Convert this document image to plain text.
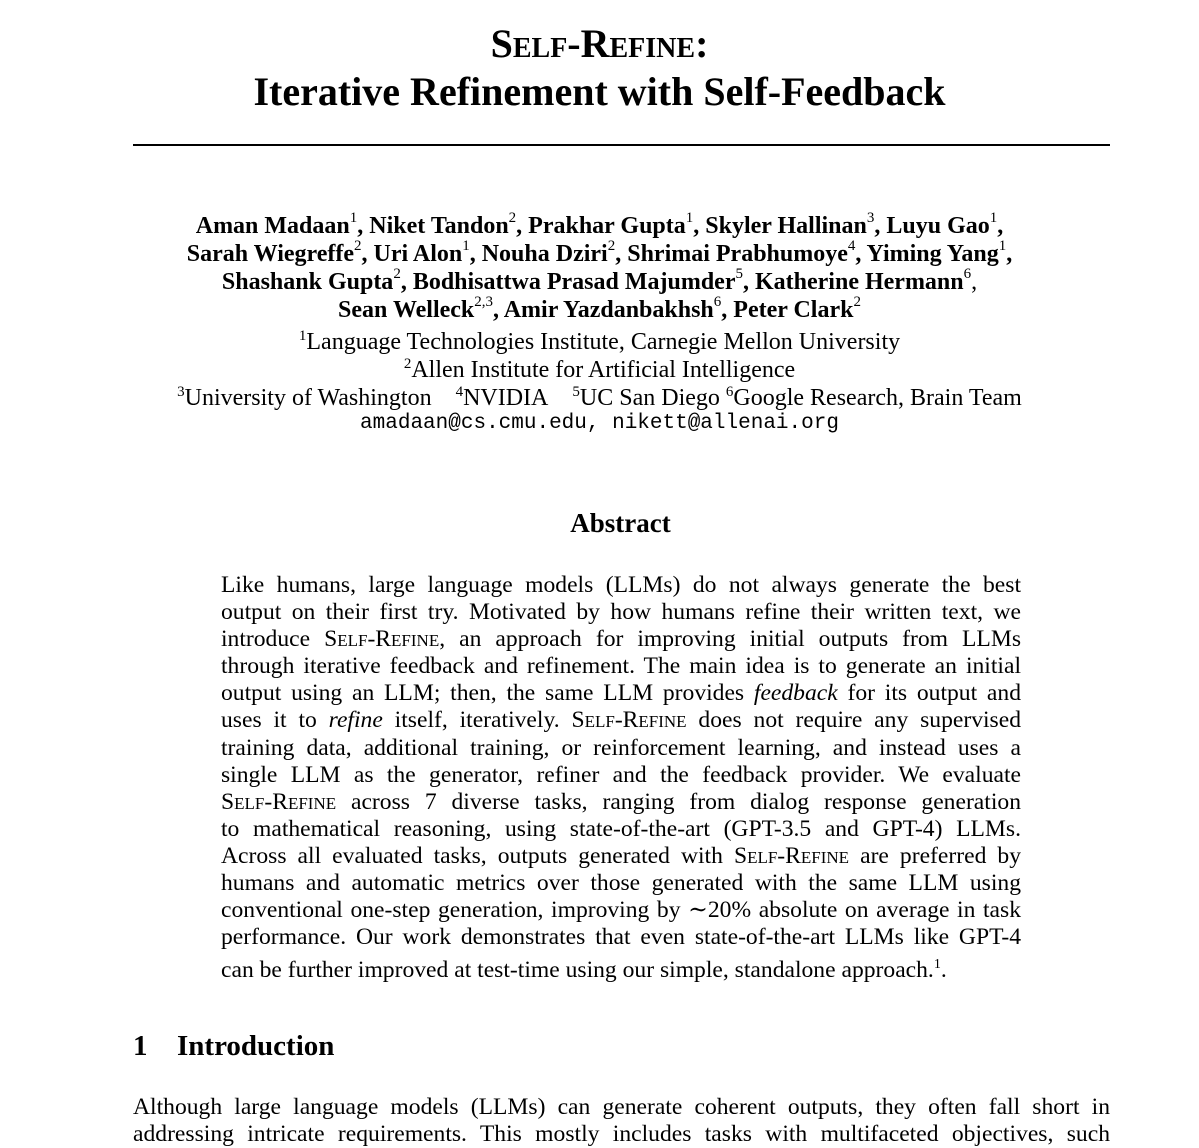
Self-Refine:
Iterative Refinement with Self-Feedback
Aman Madaan$^1$, Niket Tandon$^2$, Prakhar Gupta$^1$, Skyler Hallinan$^3$, Luyu Gao$^1$,
Sarah Wiegreffe$^2$, Uri Alon$^1$, Nouha Dziri$^2$, Shrimai Prabhumoye$^4$, Yiming Yang$^1$,
Shashank Gupta$^2$, Bodhisattwa Prasad Majumder$^5$, Katherine Hermann$^6$,
Sean Welleck$^{2,3}$, Amir Yazdanbakhsh$^6$, Peter Clark$^2$
$^1$Language Technologies Institute, Carnegie Mellon University
$^2$Allen Institute for Artificial Intelligence
$^3$University of Washington $^4$NVIDIA $^5$UC San Diego $^6$Google Research, Brain Team
amadaan@cs.cmu.edu, nikett@allenai.org
Abstract
Like humans, large language models (LLMs) do not always generate the best
output on their first try. Motivated by how humans refine their written text, we
introduce Self-Refine, an approach for improving initial outputs from LLMs
through iterative feedback and refinement. The main idea is to generate an initial
output using an LLM; then, the same LLM provides feedback for its output and
uses it to refine itself, iteratively. Self-Refine does not require any supervised
training data, additional training, or reinforcement learning, and instead uses a
single LLM as the generator, refiner and the feedback provider. We evaluate
Self-Refine across 7 diverse tasks, ranging from dialog response generation
to mathematical reasoning, using state-of-the-art (GPT-3.5 and GPT-4) LLMs.
Across all evaluated tasks, outputs generated with Self-Refine are preferred by
humans and automatic metrics over those generated with the same LLM using
conventional one-step generation, improving by ∼20% absolute on average in task
performance. Our work demonstrates that even state-of-the-art LLMs like GPT-4
can be further improved at test-time using our simple, standalone approach.$^1$.
1 Introduction
Although large language models (LLMs) can generate coherent outputs, they often fall short in
addressing intricate requirements. This mostly includes tasks with multifaceted objectives, such
